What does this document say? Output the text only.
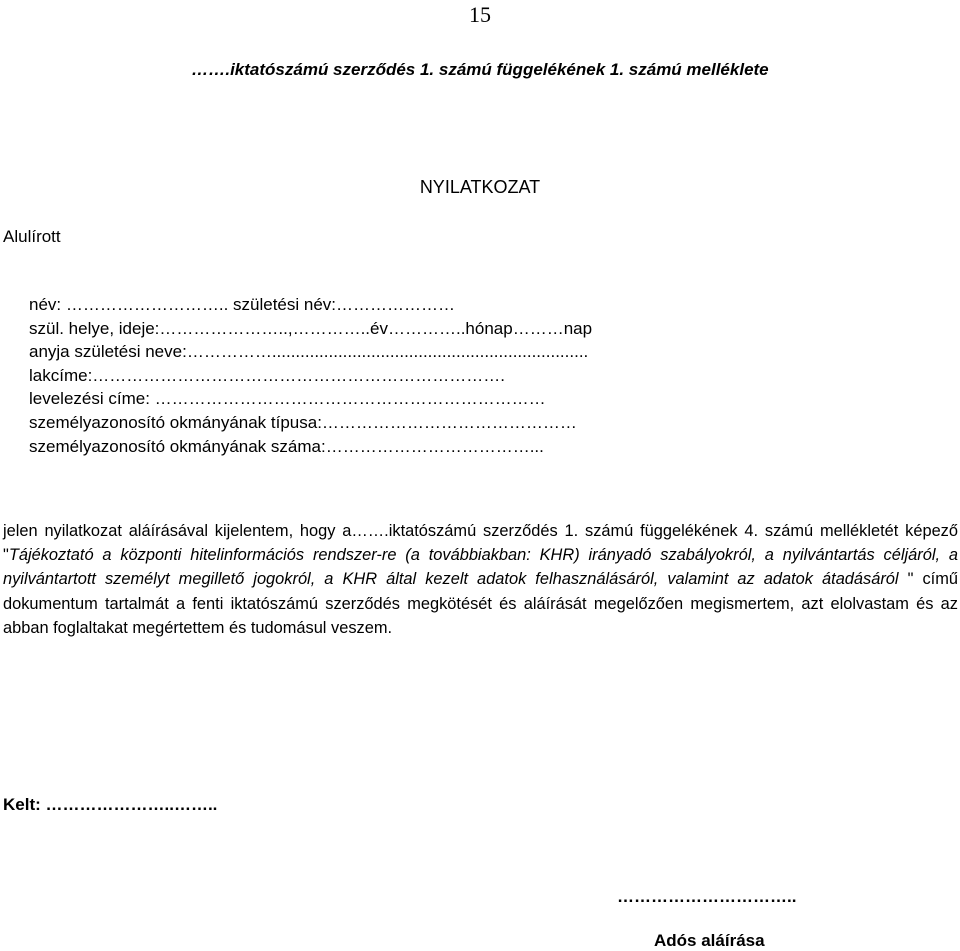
15
…….iktatószámú szerződés 1. számú függelékének 1. számú melléklete
NYILATKOZAT
Alulírott
név: ……………………….. születési név:…………………
szül. helye, ideje:…………………..,…………..év…………..hónap………nap
anyja születési neve:……………...................................................................
lakcíme:……………………………………………………………….
levelezési címe: ……………………………………………………………
személyazonosító okmányának típusa:………………………………………
személyazonosító okmányának száma:………………………………...

jelen nyilatkozat aláírásával kijelentem, hogy a…….iktatószámú szerződés 1. számú függelékének 4. számú mellékletét képező "Tájékoztató a központi hitelinformációs rendszer-re (a továbbiakban: KHR) irányadó szabályokról, a nyilvántartás céljáról, a nyilvántartott személyt megillető jogokról, a KHR által kezelt adatok felhasználásáról, valamint az adatok átadásáról " című dokumentum tartalmát a fenti iktatószámú szerződés megkötését és aláírását megelőzően megismertem, azt elolvastam és az abban foglaltakat megértettem és tudomásul veszem.

Kelt: …………………..……..
…………………………..
Adós aláírása
